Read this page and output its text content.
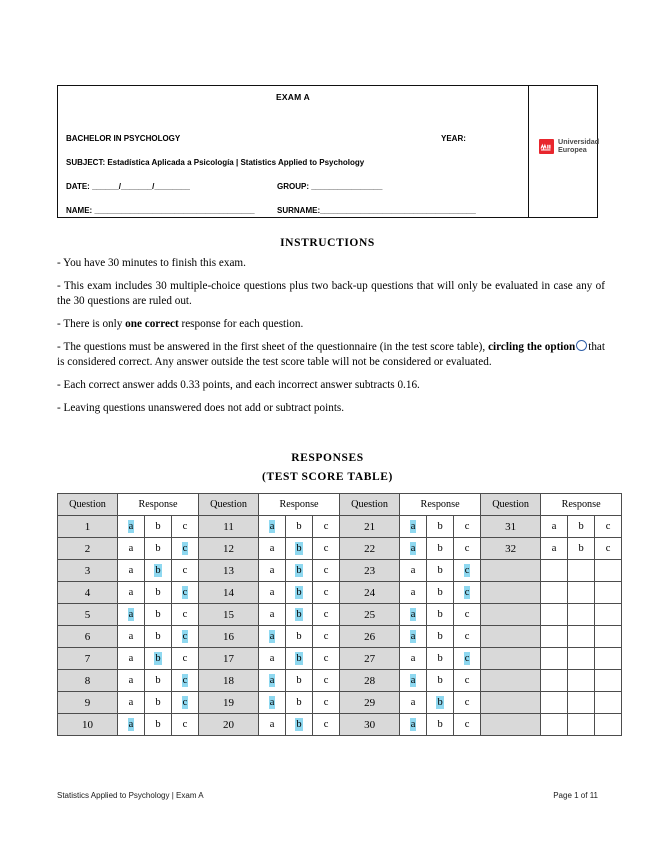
EXAM A
BACHELOR IN PSYCHOLOGY	YEAR:
SUBJECT: Estadística Aplicada a Psicología | Statistics Applied to Psychology
DATE: ______/_______/________	GROUP: ________________
NAME: ____________________________________	SURNAME:___________________________________
Universidad
Europea
INSTRUCTIONS

- You have 30 minutes to finish this exam.

- This exam includes 30 multiple-choice questions plus two back-up questions that will only be evaluated in case any of the 30 questions are ruled out.

- There is only one correct response for each question.

- The questions must be answered in the first sheet of the questionnaire (in the test score table), circling the option that is considered correct. Any answer outside the test score table will not be considered or evaluated.

- Each correct answer adds 0.33 points, and each incorrect answer subtracts 0.16.

- Leaving questions unanswered does not add or subtract points.

RESPONSES
(TEST SCORE TABLE)
Question	Response			Question	Response			Question	Response			Question	Response		
1	a	b	c	11	a	b	c	21	a	b	c	31	a	b	c
2	a	b	c	12	a	b	c	22	a	b	c	32	a	b	c
3	a	b	c	13	a	b	c	23	a	b	c				
4	a	b	c	14	a	b	c	24	a	b	c				
5	a	b	c	15	a	b	c	25	a	b	c				
6	a	b	c	16	a	b	c	26	a	b	c				
7	a	b	c	17	a	b	c	27	a	b	c				
8	a	b	c	18	a	b	c	28	a	b	c				
9	a	b	c	19	a	b	c	29	a	b	c				
10	a	b	c	20	a	b	c	30	a	b	c				
Statistics Applied to Psychology | Exam A	Page 1 of 11
